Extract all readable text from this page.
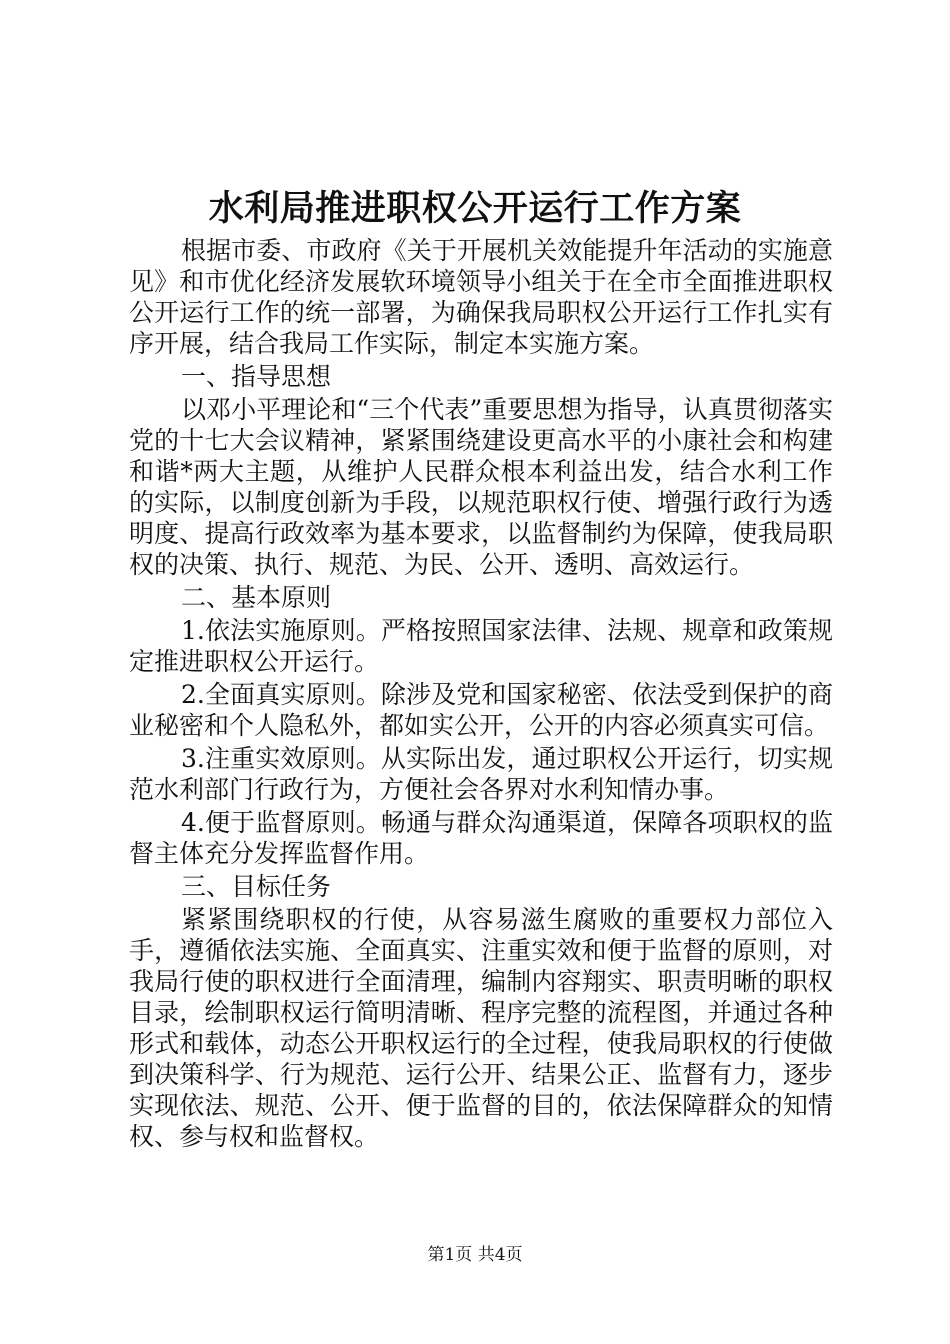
水利局推进职权公开运行工作方案

根据市委、市政府《关于开展机关效能提升年活动的实施意见》和市优化经济发展软环境领导小组关于在全市全面推进职权公开运行工作的统一部署，为确保我局职权公开运行工作扎实有序开展，结合我局工作实际，制定本实施方案。

一、指导思想

以邓小平理论和“三个代表”重要思想为指导，认真贯彻落实党的十七大会议精神，紧紧围绕建设更高水平的小康社会和构建和谐*两大主题，从维护人民群众根本利益出发，结合水利工作的实际，以制度创新为手段，以规范职权行使、增强行政行为透明度、提高行政效率为基本要求，以监督制约为保障，使我局职权的决策、执行、规范、为民、公开、透明、高效运行。

二、基本原则

1.依法实施原则。严格按照国家法律、法规、规章和政策规定推进职权公开运行。

2.全面真实原则。除涉及党和国家秘密、依法受到保护的商业秘密和个人隐私外，都如实公开，公开的内容必须真实可信。

3.注重实效原则。从实际出发，通过职权公开运行，切实规范水利部门行政行为，方便社会各界对水利知情办事。

4.便于监督原则。畅通与群众沟通渠道，保障各项职权的监督主体充分发挥监督作用。

三、目标任务

紧紧围绕职权的行使，从容易滋生腐败的重要权力部位入手，遵循依法实施、全面真实、注重实效和便于监督的原则，对我局行使的职权进行全面清理，编制内容翔实、职责明晰的职权目录，绘制职权运行简明清晰、程序完整的流程图，并通过各种形式和载体，动态公开职权运行的全过程，使我局职权的行使做到决策科学、行为规范、运行公开、结果公正、监督有力，逐步实现依法、规范、公开、便于监督的目的，依法保障群众的知情权、参与权和监督权。

第1页 共4页
